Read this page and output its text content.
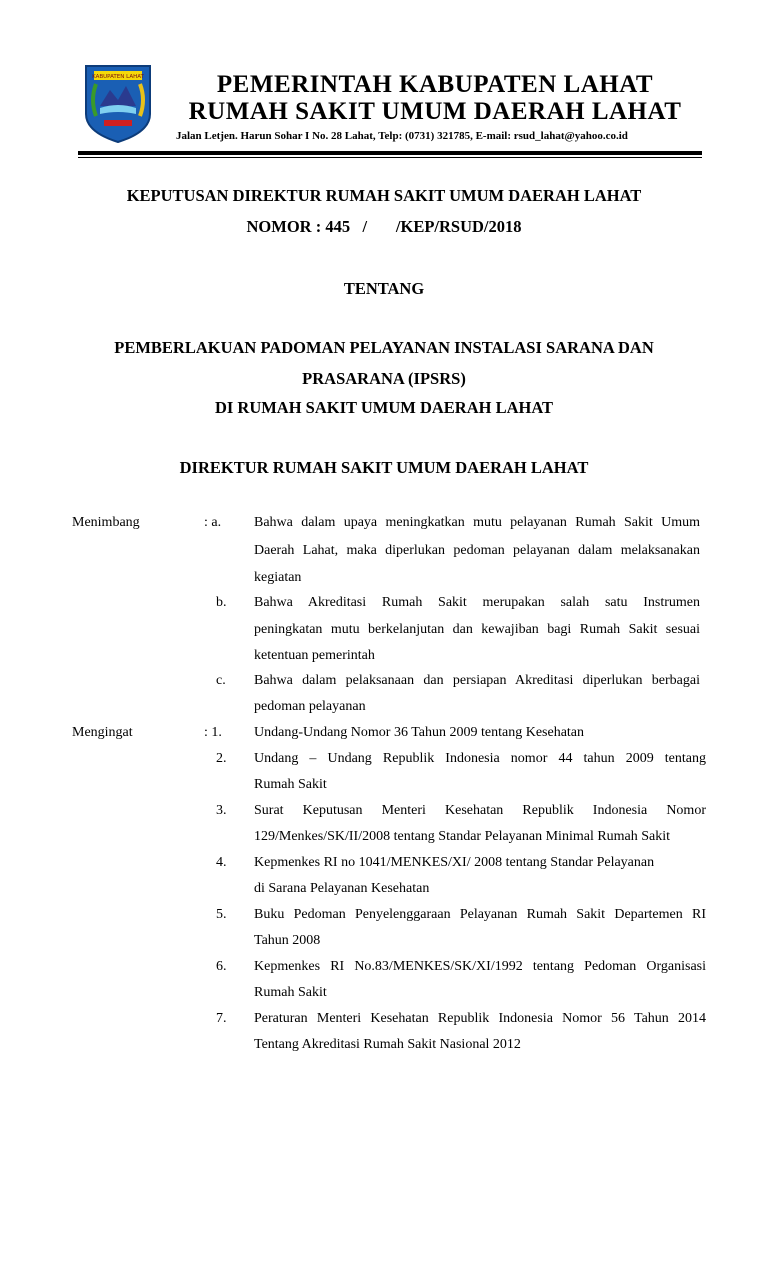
KABUPATEN LAHAT	PEMERINTAH KABUPATEN LAHAT
RUMAH SAKIT UMUM DAERAH LAHAT
Jalan Letjen. Harun Sohar I No. 28 Lahat, Telp: (0731) 321785, E-mail: rsud_lahat@yahoo.co.id
KEPUTUSAN DIREKTUR RUMAH SAKIT UMUM DAERAH LAHAT
NOMOR : 445   /       /KEP/RSUD/2018
TENTANG
PEMBERLAKUAN PADOMAN PELAYANAN INSTALASI SARANA DAN
PRASARANA (IPSRS)
DI RUMAH SAKIT UMUM DAERAH LAHAT
DIREKTUR RUMAH SAKIT UMUM DAERAH LAHAT
Menimbang	: a. Bahwa dalam upaya meningkatkan mutu pelayanan Rumah Sakit Umum
Daerah Lahat, maka diperlukan pedoman pelayanan dalam melaksanakan
kegiatan
b. Bahwa Akreditasi Rumah Sakit merupakan salah satu Instrumen
peningkatan mutu berkelanjutan dan kewajiban bagi Rumah Sakit sesuai
ketentuan pemerintah
c. Bahwa dalam pelaksanaan dan persiapan Akreditasi diperlukan berbagai
pedoman pelayanan
Mengingat	: 1. Undang-Undang Nomor 36 Tahun 2009 tentang Kesehatan
2. Undang – Undang Republik Indonesia nomor 44 tahun 2009 tentang
Rumah Sakit
3. Surat Keputusan Menteri Kesehatan Republik Indonesia Nomor
129/Menkes/SK/II/2008 tentang Standar Pelayanan Minimal Rumah Sakit
4. Kepmenkes RI no 1041/MENKES/XI/ 2008 tentang Standar Pelayanan
di Sarana Pelayanan Kesehatan
5. Buku Pedoman Penyelenggaraan Pelayanan Rumah Sakit Departemen RI
Tahun 2008
6. Kepmenkes RI No.83/MENKES/SK/XI/1992 tentang Pedoman Organisasi
Rumah Sakit
7. Peraturan Menteri Kesehatan Republik Indonesia Nomor 56 Tahun 2014
Tentang Akreditasi Rumah Sakit Nasional 2012
